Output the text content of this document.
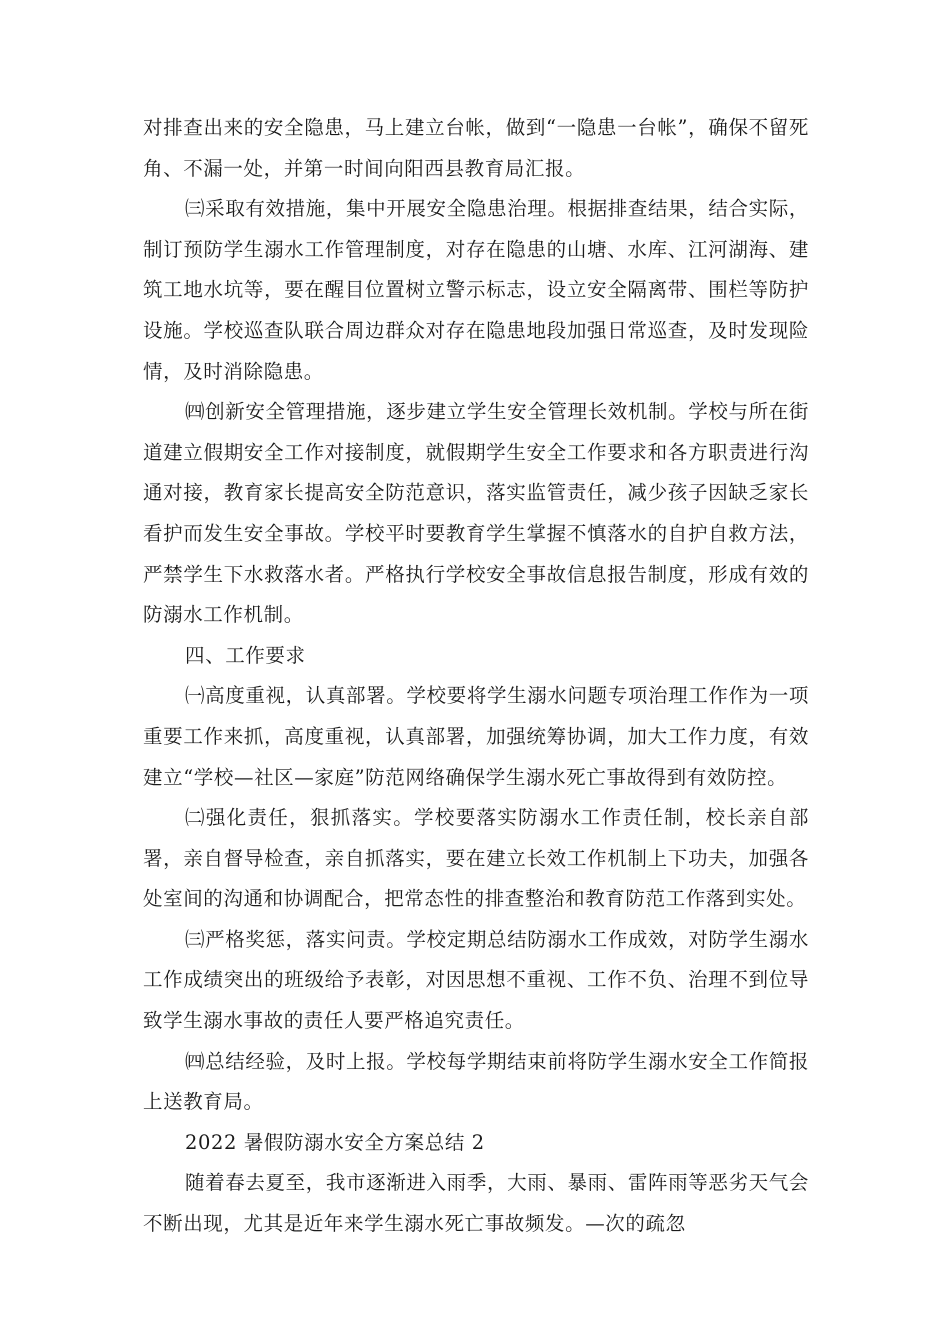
对排查出来的安全隐患，马上建立台帐，做到“一隐患一台帐”，确保不留死角、不漏一处，并第一时间向阳西县教育局汇报。

㈢采取有效措施，集中开展安全隐患治理。根据排查结果，结合实际，制订预防学生溺水工作管理制度，对存在隐患的山塘、水库、江河湖海、建筑工地水坑等，要在醒目位置树立警示标志，设立安全隔离带、围栏等防护设施。学校巡查队联合周边群众对存在隐患地段加强日常巡查，及时发现险情，及时消除隐患。

㈣创新安全管理措施，逐步建立学生安全管理长效机制。学校与所在街道建立假期安全工作对接制度，就假期学生安全工作要求和各方职责进行沟通对接，教育家长提高安全防范意识，落实监管责任，减少孩子因缺乏家长看护而发生安全事故。学校平时要教育学生掌握不慎落水的自护自救方法，严禁学生下水救落水者。严格执行学校安全事故信息报告制度，形成有效的防溺水工作机制。

四、工作要求

㈠高度重视，认真部署。学校要将学生溺水问题专项治理工作作为一项重要工作来抓，高度重视，认真部署，加强统筹协调，加大工作力度，有效建立“学校—社区—家庭”防范网络确保学生溺水死亡事故得到有效防控。

㈡强化责任，狠抓落实。学校要落实防溺水工作责任制，校长亲自部署，亲自督导检查，亲自抓落实，要在建立长效工作机制上下功夫，加强各处室间的沟通和协调配合，把常态性的排查整治和教育防范工作落到实处。

㈢严格奖惩，落实问责。学校定期总结防溺水工作成效，对防学生溺水工作成绩突出的班级给予表彰，对因思想不重视、工作不负、治理不到位导致学生溺水事故的责任人要严格追究责任。

㈣总结经验，及时上报。学校每学期结束前将防学生溺水安全工作简报上送教育局。

2022 暑假防溺水安全方案总结 2

随着春去夏至，我市逐渐进入雨季，大雨、暴雨、雷阵雨等恶劣天气会不断出现，尤其是近年来学生溺水死亡事故频发。—次的疏忽
